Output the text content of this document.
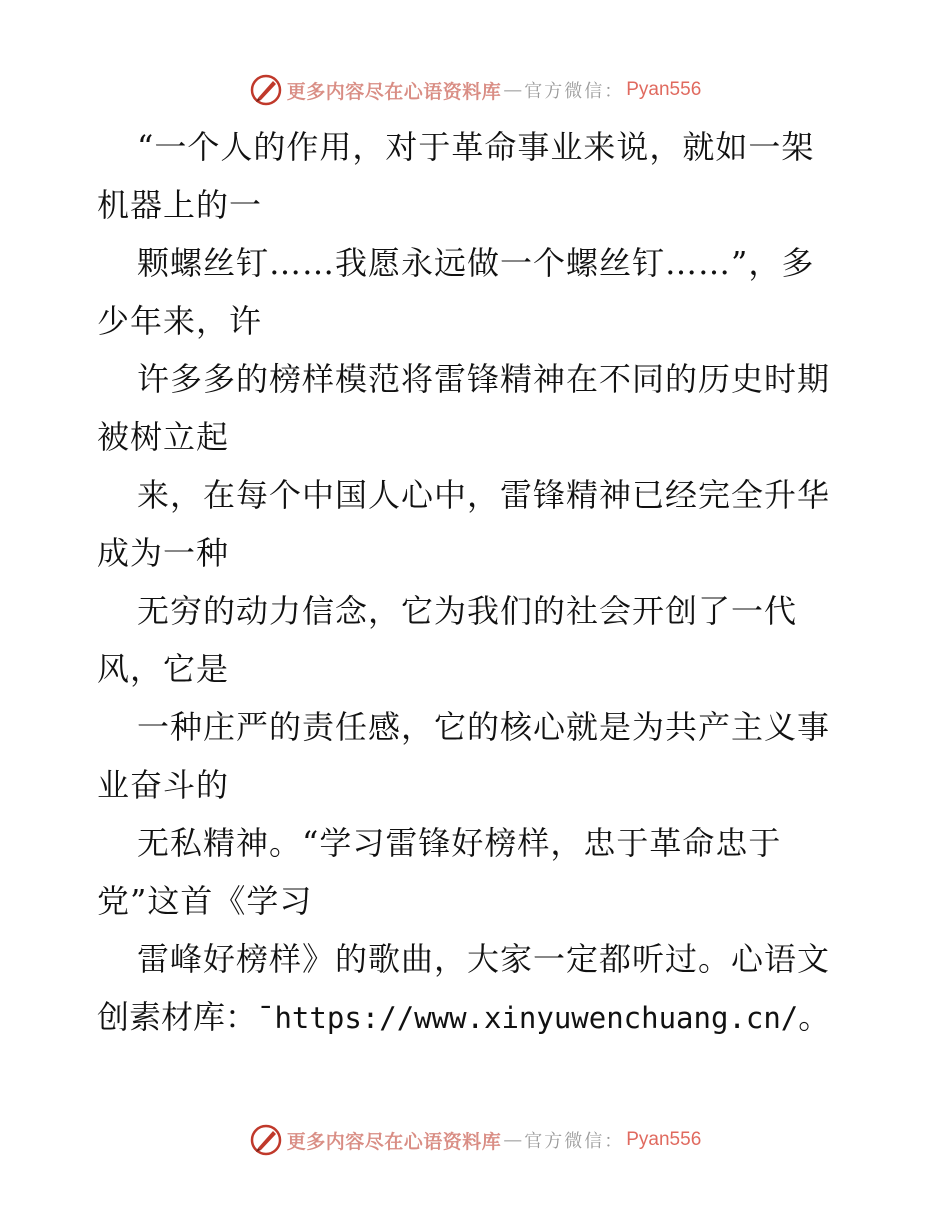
更多内容尽在心语资料库 — 官方微信： Pyan556
“一个人的作用，对于革命事业来说，就如一架
机器上的一
颗螺丝钉……我愿永远做一个螺丝钉……”，多
少年来，许
许多多的榜样模范将雷锋精神在不同的历史时期
被树立起
来，在每个中国人心中，雷锋精神已经完全升华
成为一种
无穷的动力信念，它为我们的社会开创了一代
风，它是
一种庄严的责任感，它的核心就是为共产主义事
业奋斗的
无私精神。“学习雷锋好榜样，忠于革命忠于
党”这首《学习
雷峰好榜样》的歌曲，大家一定都听过。心语文
创素材库：¯https://www.xinyuwenchuang.cn/。
更多内容尽在心语资料库 — 官方微信： Pyan556
